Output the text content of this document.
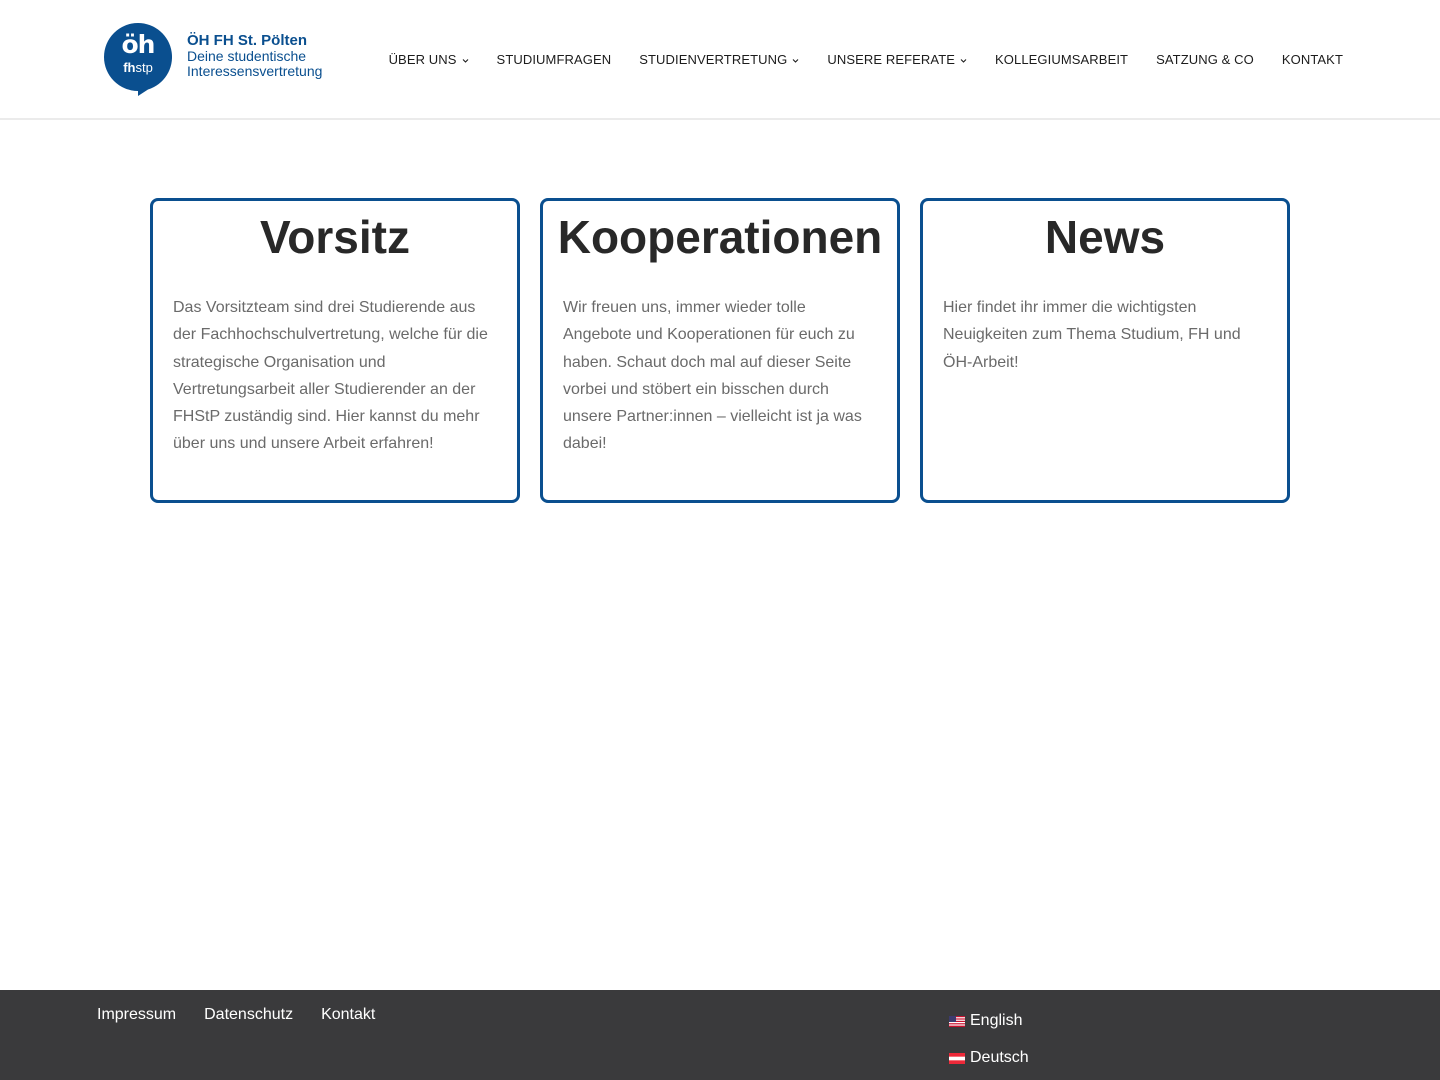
öh
fhstp
ÖH FH St. Pölten
Deine studentische
Interessensvertretung
ÜBER UNS	STUDIUMFRAGEN STUDIENVERTRETUNG	UNSERE REFERATE	KOLLEGIUMSARBEIT SATZUNG & CO KONTAKT
Vorsitz

Das Vorsitzteam sind drei Studierende aus der Fachhochschulvertretung, welche für die strategische Organisation und Vertretungsarbeit aller Studierender an der FHStP zuständig sind. Hier kannst du mehr über uns und unsere Arbeit erfahren!

Kooperationen

Wir freuen uns, immer wieder tolle Angebote und Kooperationen für euch zu haben. Schaut doch mal auf dieser Seite vorbei und stöbert ein bisschen durch unsere Partner:innen – vielleicht ist ja was dabei!

News

Hier findet ihr immer die wichtigsten Neuigkeiten zum Thema Studium, FH und ÖH-Arbeit!

Impressum Datenschutz Kontakt	English
Deutsch
